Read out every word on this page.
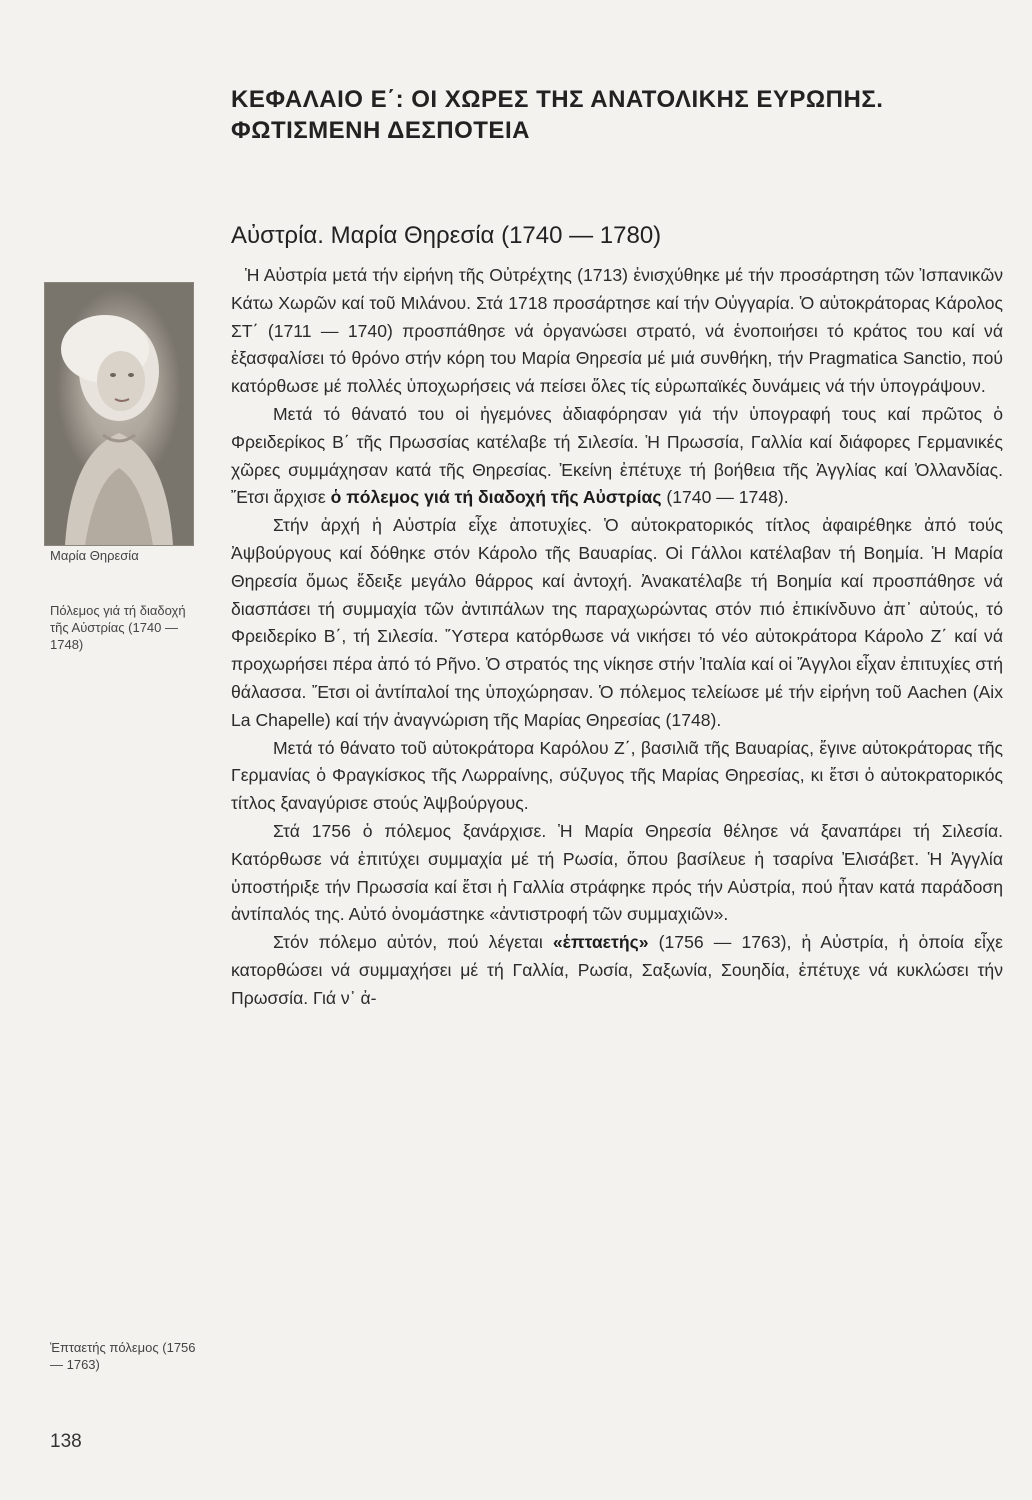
Μαρία Θηρεσία
Πόλεμος γιά τή διαδοχή τῆς Αὐστρίας (1740 — 1748)
Ἑπταετής πόλεμος (1756 — 1763)
138
ΚΕΦΑΛΑΙΟ Ε΄: ΟΙ ΧΩΡΕΣ ΤΗΣ ΑΝΑΤΟΛΙΚΗΣ ΕΥΡΩΠΗΣ. ΦΩΤΙΣΜΕΝΗ ΔΕΣΠΟΤΕΙΑ
Αὐστρία. Μαρία Θηρεσία (1740 — 1780)

Ἡ Αὐστρία μετά τήν εἰρήνη τῆς Οὐτρέχτης (1713) ἐνισχύθηκε μέ τήν προσάρτηση τῶν Ἰσπανικῶν Κάτω Χωρῶν καί τοῦ Μιλάνου. Στά 1718 προσάρτησε καί τήν Οὐγγαρία. Ὁ αὐτοκράτορας Κάρολος ΣΤ΄ (1711 — 1740) προσπάθησε νά ὀργανώσει στρατό, νά ἑνοποιήσει τό κράτος του καί νά ἐξασφαλίσει τό θρόνο στήν κόρη του Μαρία Θηρεσία μέ μιά συνθήκη, τήν Pragmatica Sanctio, πού κατόρθωσε μέ πολλές ὑποχωρήσεις νά πείσει ὅλες τίς εὐρωπαϊκές δυνάμεις νά τήν ὑπογράψουν.

Μετά τό θάνατό του οἱ ἡγεμόνες ἀδιαφόρησαν γιά τήν ὑπογραφή τους καί πρῶτος ὁ Φρειδερίκος Β΄ τῆς Πρωσσίας κατέλαβε τή Σιλεσία. Ἡ Πρωσσία, Γαλλία καί διάφορες Γερμανικές χῶρες συμμάχησαν κατά τῆς Θηρεσίας. Ἐκείνη ἐπέτυχε τή βοήθεια τῆς Ἀγγλίας καί Ὀλλανδίας. Ἔτσι ἄρχισε ὁ πόλεμος γιά τή διαδοχή τῆς Αὐστρίας (1740 — 1748).

Στήν ἀρχή ἡ Αὐστρία εἶχε ἀποτυχίες. Ὁ αὐτοκρατορικός τίτλος ἀφαιρέθηκε ἀπό τούς Ἀψβούργους καί δόθηκε στόν Κάρολο τῆς Βαυαρίας. Οἱ Γάλλοι κατέλαβαν τή Βοημία. Ἡ Μαρία Θηρεσία ὅμως ἔδειξε μεγάλο θάρρος καί ἀντοχή. Ἀνακατέλαβε τή Βοημία καί προσπάθησε νά διασπάσει τή συμμαχία τῶν ἀντιπάλων της παραχωρώντας στόν πιό ἐπικίνδυνο ἀπ᾽ αὐτούς, τό Φρειδερίκο Β΄, τή Σιλεσία. Ὕστερα κατόρθωσε νά νικήσει τό νέο αὐτοκράτορα Κάρολο Ζ΄ καί νά προχωρήσει πέρα ἀπό τό Ρῆνο. Ὁ στρατός της νίκησε στήν Ἰταλία καί οἱ Ἄγγλοι εἶχαν ἐπιτυχίες στή θάλασσα. Ἔτσι οἱ ἀντίπαλοί της ὑποχώρησαν. Ὁ πόλεμος τελείωσε μέ τήν εἰρήνη τοῦ Aachen (Aix La Chapelle) καί τήν ἀναγνώριση τῆς Μαρίας Θηρεσίας (1748).

Μετά τό θάνατο τοῦ αὐτοκράτορα Καρόλου Ζ΄, βασιλιᾶ τῆς Βαυαρίας, ἔγινε αὐτοκράτορας τῆς Γερμανίας ὁ Φραγκίσκος τῆς Λωρραίνης, σύζυγος τῆς Μαρίας Θηρεσίας, κι ἔτσι ὁ αὐτοκρατορικός τίτλος ξαναγύρισε στούς Ἀψβούργους.

Στά 1756 ὁ πόλεμος ξανάρχισε. Ἡ Μαρία Θηρεσία θέλησε νά ξαναπάρει τή Σιλεσία. Κατόρθωσε νά ἐπιτύχει συμμαχία μέ τή Ρωσία, ὅπου βασίλευε ἡ τσαρίνα Ἐλισάβετ. Ἡ Ἀγγλία ὑποστήριξε τήν Πρωσσία καί ἔτσι ἡ Γαλλία στράφηκε πρός τήν Αὐστρία, πού ἦταν κατά παράδοση ἀντίπαλός της. Αὐτό ὀνομάστηκε «ἀντιστροφή τῶν συμμαχιῶν».

Στόν πόλεμο αὐτόν, πού λέγεται «ἑπταετής» (1756 — 1763), ἡ Αὐστρία, ἡ ὁποία εἶχε κατορθώσει νά συμμαχήσει μέ τή Γαλλία, Ρωσία, Σαξωνία, Σουηδία, ἐπέτυχε νά κυκλώσει τήν Πρωσσία. Γιά ν᾽ ἀ-
